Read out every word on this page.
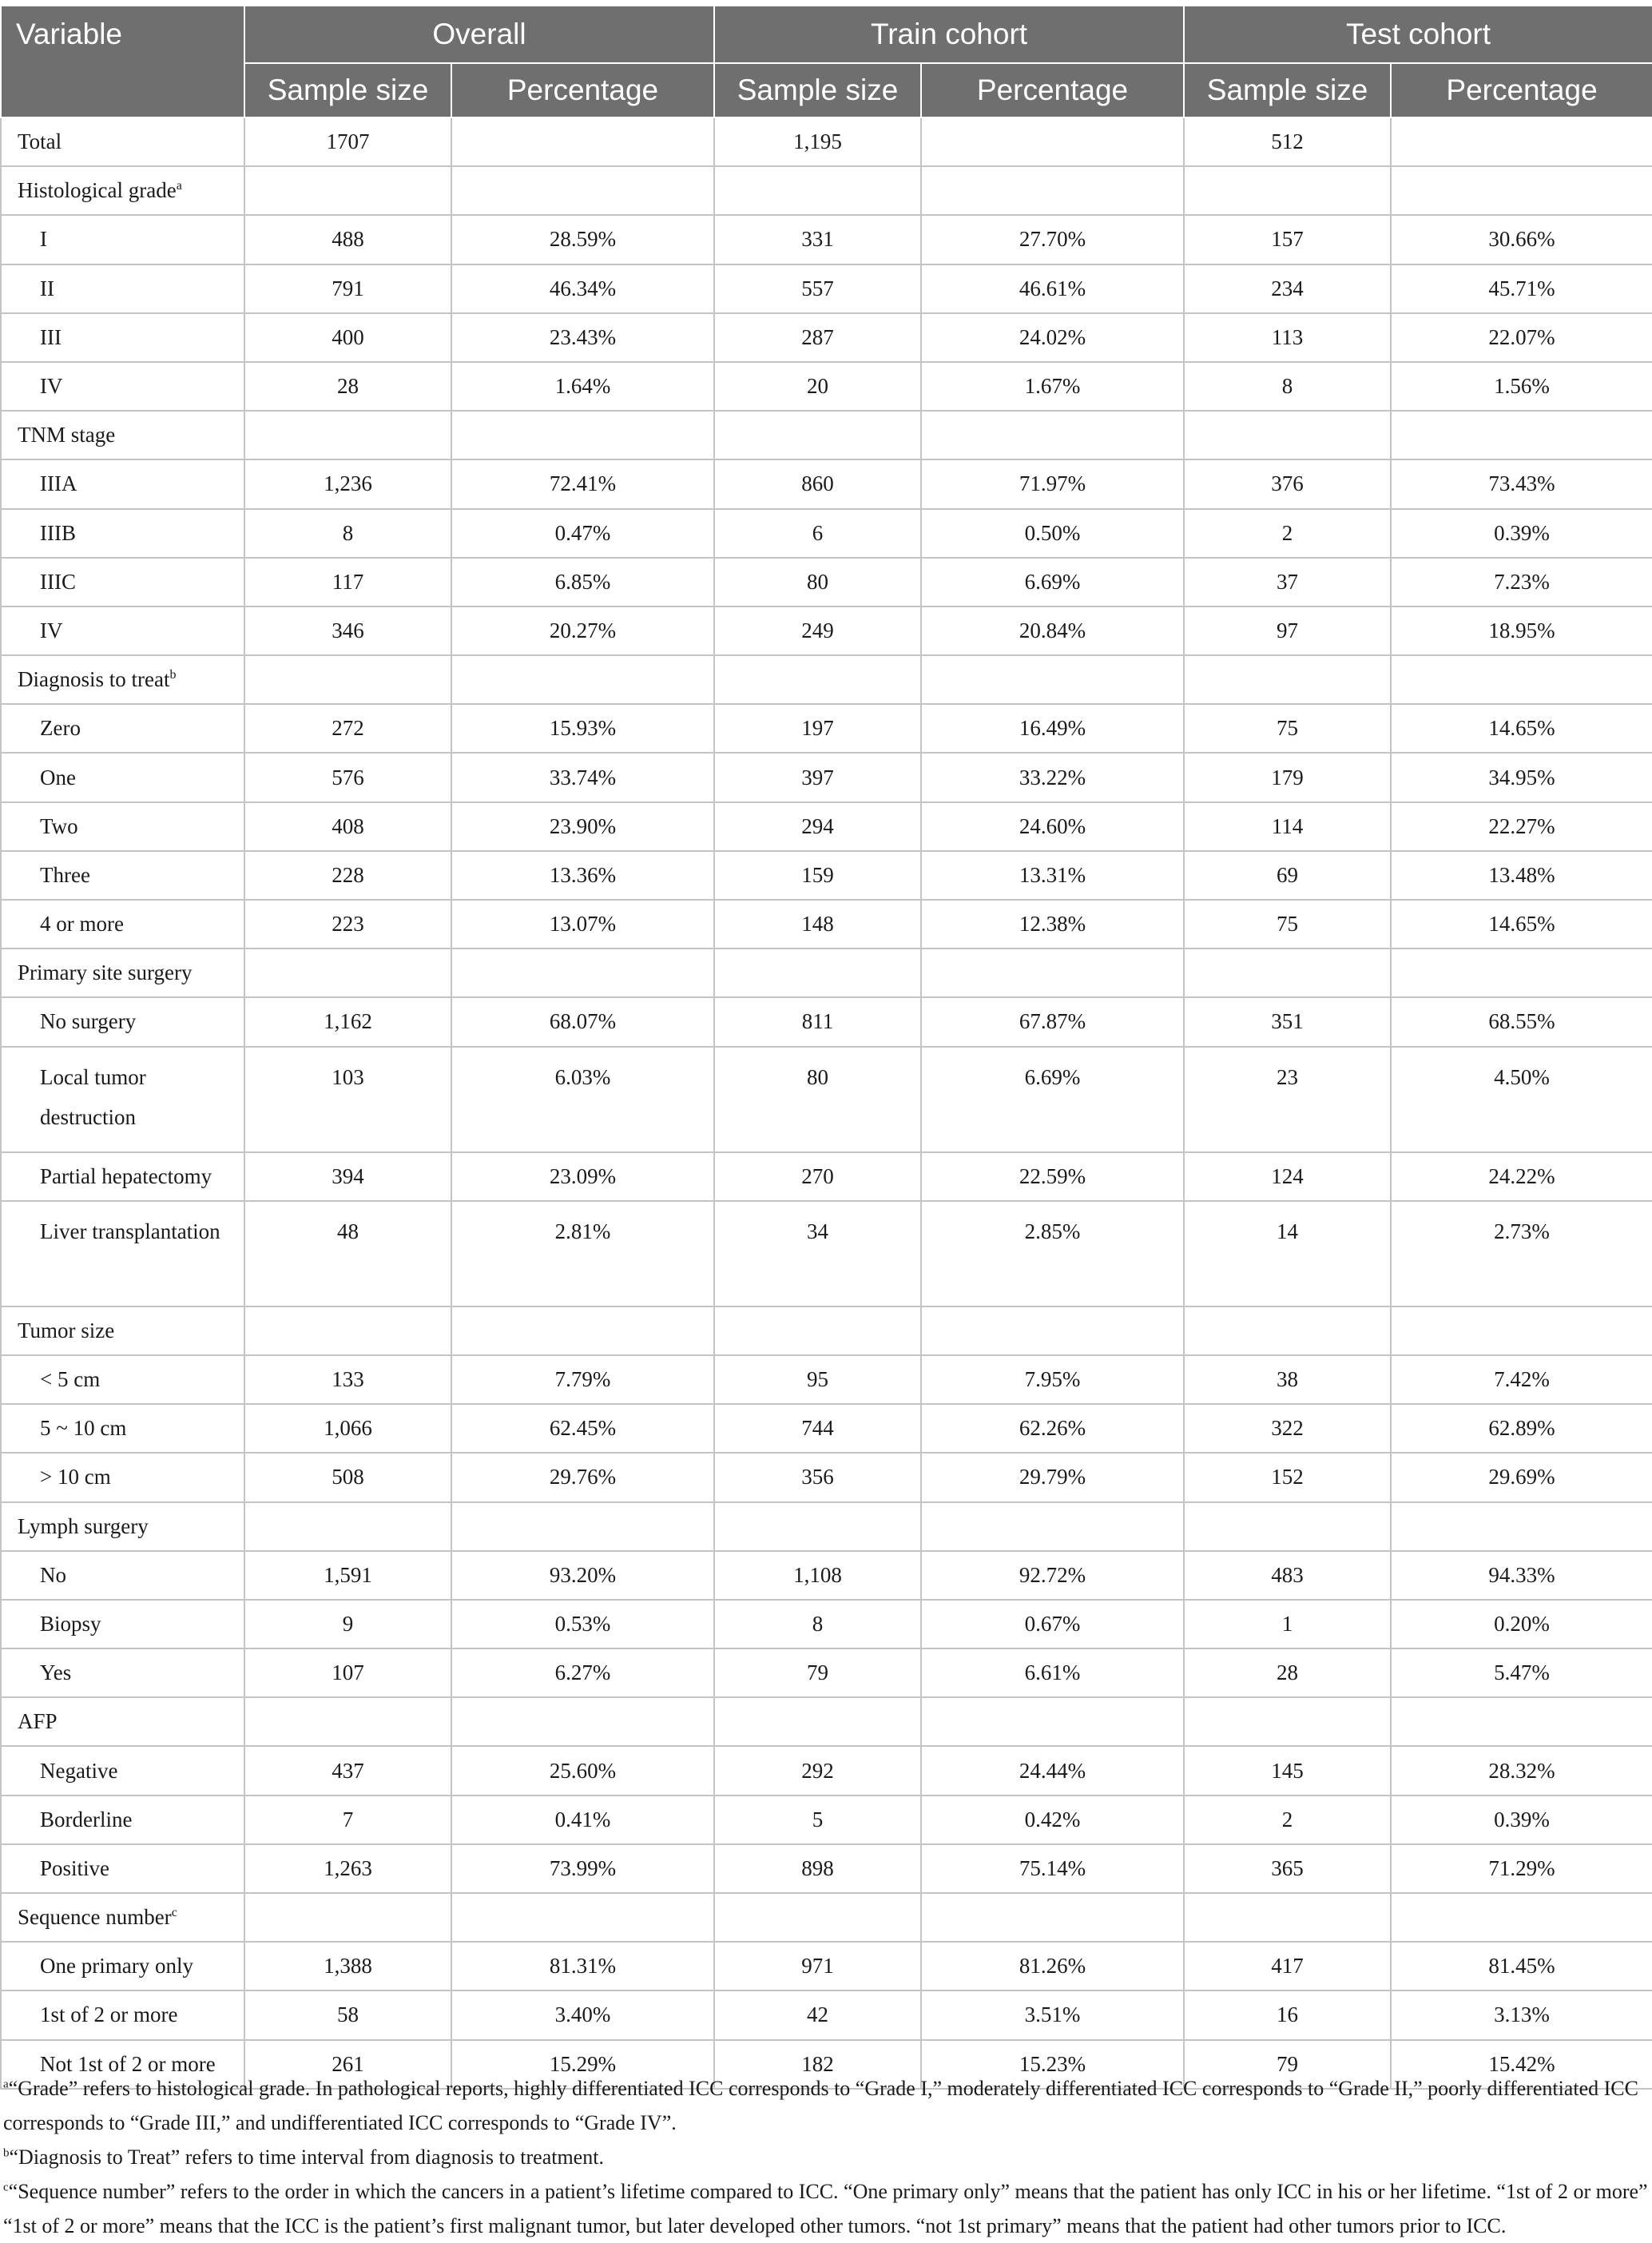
Variable	Overall		Train cohort		Test cohort	
	Sample size	Percentage	Sample size	Percentage	Sample size	Percentage
Total	1707		1,195		512	
Histological grade$^a$						
I	488	28.59%	331	27.70%	157	30.66%
II	791	46.34%	557	46.61%	234	45.71%
III	400	23.43%	287	24.02%	113	22.07%
IV	28	1.64%	20	1.67%	8	1.56%
TNM stage						
IIIA	1,236	72.41%	860	71.97%	376	73.43%
IIIB	8	0.47%	6	0.50%	2	0.39%
IIIC	117	6.85%	80	6.69%	37	7.23%
IV	346	20.27%	249	20.84%	97	18.95%
Diagnosis to treat$^b$						
Zero	272	15.93%	197	16.49%	75	14.65%
One	576	33.74%	397	33.22%	179	34.95%
Two	408	23.90%	294	24.60%	114	22.27%
Three	228	13.36%	159	13.31%	69	13.48%
4 or more	223	13.07%	148	12.38%	75	14.65%
Primary site surgery						
No surgery	1,162	68.07%	811	67.87%	351	68.55%
Local tumor destruction	103	6.03%	80	6.69%	23	4.50%
Partial hepatectomy	394	23.09%	270	22.59%	124	24.22%
Liver transplantation	48	2.81%	34	2.85%	14	2.73%
Tumor size						
< 5 cm	133	7.79%	95	7.95%	38	7.42%
5 ~ 10 cm	1,066	62.45%	744	62.26%	322	62.89%
> 10 cm	508	29.76%	356	29.79%	152	29.69%
Lymph surgery						
No	1,591	93.20%	1,108	92.72%	483	94.33%
Biopsy	9	0.53%	8	0.67%	1	0.20%
Yes	107	6.27%	79	6.61%	28	5.47%
AFP						
Negative	437	25.60%	292	24.44%	145	28.32%
Borderline	7	0.41%	5	0.42%	2	0.39%
Positive	1,263	73.99%	898	75.14%	365	71.29%
Sequence number$^c$						
One primary only	1,388	81.31%	971	81.26%	417	81.45%
1st of 2 or more	58	3.40%	42	3.51%	16	3.13%
Not 1st of 2 or more	261	15.29%	182	15.23%	79	15.42%
$^a$“Grade” refers to histological grade. In pathological reports, highly differentiated ICC corresponds to “Grade I,” moderately differentiated ICC corresponds to “Grade II,” poorly differentiated ICC corresponds to “Grade III,” and undifferentiated ICC corresponds to “Grade IV”.
$^b$“Diagnosis to Treat” refers to time interval from diagnosis to treatment.
$^c$“Sequence number” refers to the order in which the cancers in a patient’s lifetime compared to ICC. “One primary only” means that the patient has only ICC in his or her lifetime. “1st of 2 or more” “1st of 2 or more” means that the ICC is the patient’s first malignant tumor, but later developed other tumors. “not 1st primary” means that the patient had other tumors prior to ICC.
